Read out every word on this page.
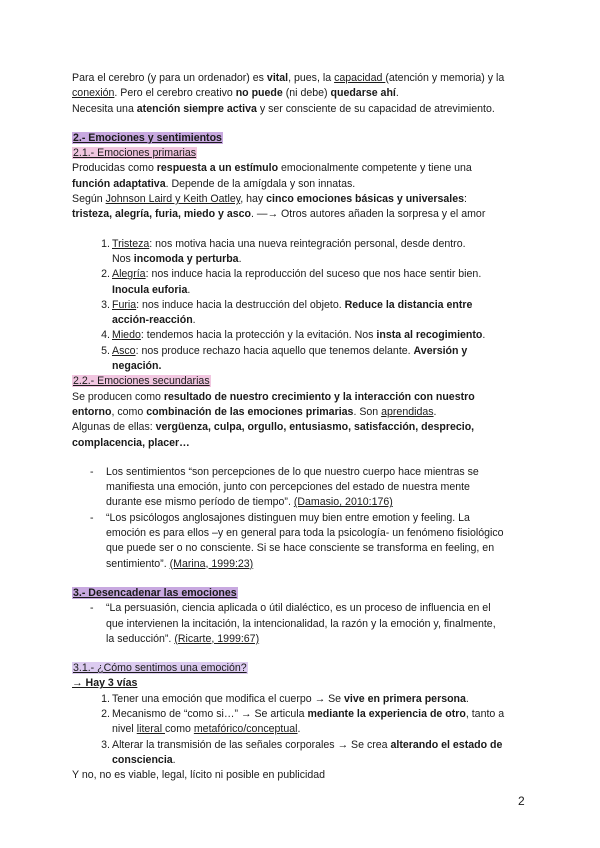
Para el cerebro (y para un ordenador) es vital, pues, la capacidad (atención y memoria) y la

conexión. Pero el cerebro creativo no puede (ni debe) quedarse ahí.

Necesita una atención siempre activa y ser consciente de su capacidad de atrevimiento.

2.- Emociones y sentimientos

2.1.- Emociones primarias

Producidas como respuesta a un estímulo emocionalmente competente y tiene una

función adaptativa. Depende de la amígdala y son innatas.

Según Johnson Laird y Keith Oatley, hay cinco emociones básicas y universales:

tristeza, alegría, furia, miedo y asco. —→ Otros autores añaden la sorpresa y el amor

1. Tristeza: nos motiva hacia una nueva reintegración personal, desde dentro.

Nos incomoda y perturba.

2. Alegría: nos induce hacia la reproducción del suceso que nos hace sentir bien.

Inocula euforia.

3. Furia: nos induce hacia la destrucción del objeto. Reduce la distancia entre

acción-reacción.

4. Miedo: tendemos hacia la protección y la evitación. Nos insta al recogimiento.

5. Asco: nos produce rechazo hacia aquello que tenemos delante. Aversión y

negación.

2.2.- Emociones secundarias

Se producen como resultado de nuestro crecimiento y la interacción con nuestro

entorno, como combinación de las emociones primarias. Son aprendidas.

Algunas de ellas: vergüenza, culpa, orgullo, entusiasmo, satisfacción, desprecio,

complacencia, placer…

- Los sentimientos “son percepciones de lo que nuestro cuerpo hace mientras se

manifiesta una emoción, junto con percepciones del estado de nuestra mente

durante ese mismo período de tiempo”. (Damasio, 2010:176)

- “Los psicólogos anglosajones distinguen muy bien entre emotion y feeling. La

emoción es para ellos –y en general para toda la psicología- un fenómeno fisiológico

que puede ser o no consciente. Si se hace consciente se transforma en feeling, en

sentimiento”. (Marina, 1999:23)

3.- Desencadenar las emociones

- “La persuasión, ciencia aplicada o útil dialéctico, es un proceso de influencia en el

que intervienen la incitación, la intencionalidad, la razón y la emoción y, finalmente,

la seducción”. (Ricarte, 1999:67)

3.1.- ¿Cómo sentimos una emoción?

→ Hay 3 vías

1. Tener una emoción que modifica el cuerpo → Se vive en primera persona.

2. Mecanismo de “como si…” → Se articula mediante la experiencia de otro, tanto a

nivel literal como metafórico/conceptual.

3. Alterar la transmisión de las señales corporales → Se crea alterando el estado de

consciencia.

Y no, no es viable, legal, lícito ni posible en publicidad

2
